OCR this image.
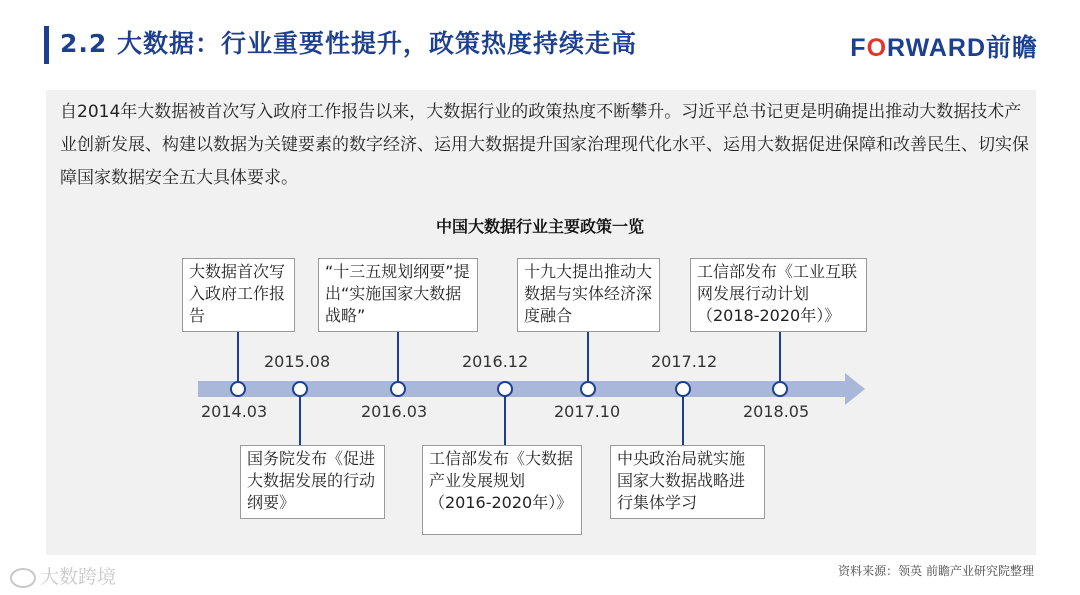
2.2 大数据：行业重要性提升，政策热度持续走高	FORWARD前瞻
自2014年大数据被首次写入政府工作报告以来，大数据行业的政策热度不断攀升。习近平总书记更是明确提出推动大数据技术产业创新发展、构建以数据为关键要素的数字经济、运用大数据提升国家治理现代化水平、运用大数据促进保障和改善民生、切实保障国家数据安全五大具体要求。
中国大数据行业主要政策一览
大数据首次写入政府工作报告
“十三五规划纲要”提出“实施国家大数据战略”
十九大提出推动大数据与实体经济深度融合
工信部发布《工业互联网发展行动计划（2018-2020年）》
国务院发布《促进大数据发展的行动纲要》
工信部发布《大数据产业发展规划（2016-2020年）》
中央政治局就实施国家大数据战略进行集体学习
2014.03
2015.08
2016.03
2016.12
2017.10
2017.12
2018.05
大数跨境	资料来源：领英 前瞻产业研究院整理
